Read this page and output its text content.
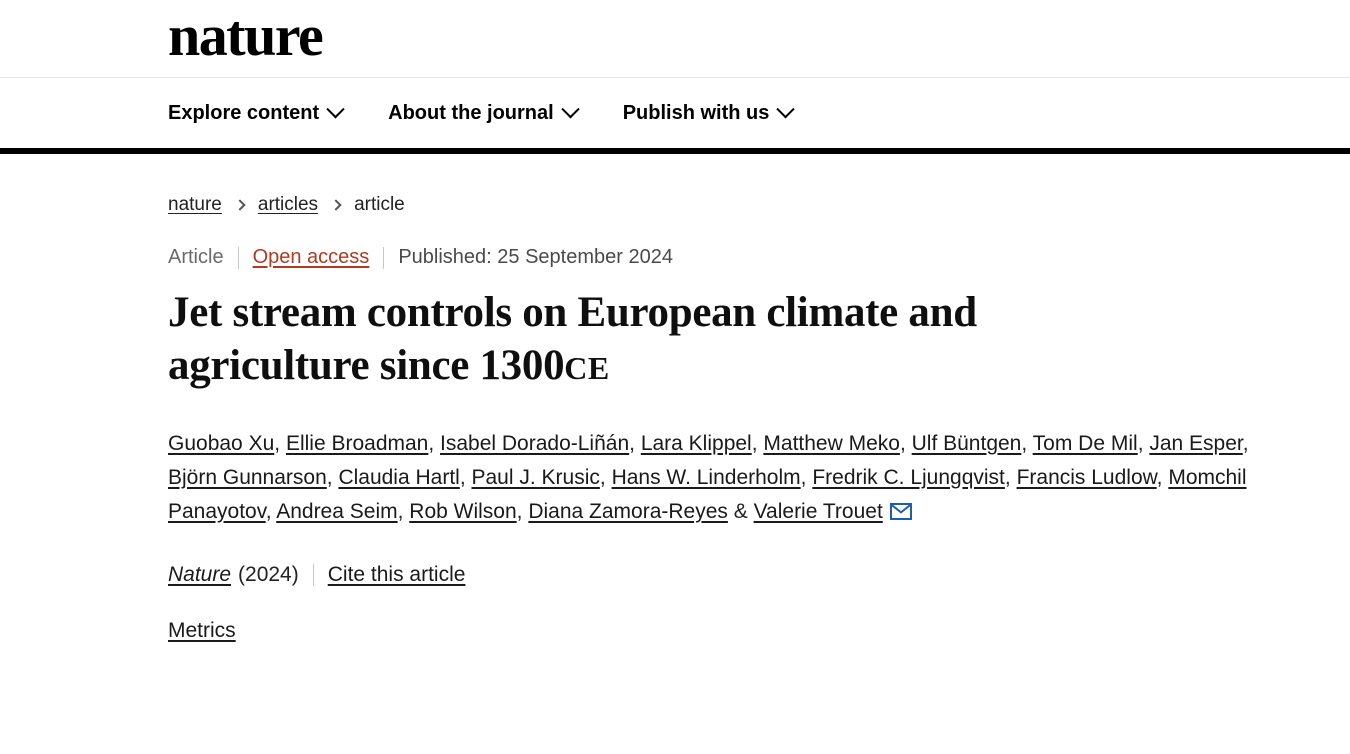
nature
Explore content	About the journal	Publish with us
nature articles article
Article Open access Published: 25 September 2024
Jet stream controls on European climate and agriculture since 1300CE
Guobao Xu, Ellie Broadman, Isabel Dorado-Liñán, Lara Klippel, Matthew Meko, Ulf Büntgen, Tom De Mil, Jan Esper, Björn Gunnarson, Claudia Hartl, Paul J. Krusic, Hans W. Linderholm, Fredrik C. Ljungqvist, Francis Ludlow, Momchil Panayotov, Andrea Seim, Rob Wilson, Diana Zamora-Reyes & Valerie Trouet
Nature (2024) Cite this article
Metrics
